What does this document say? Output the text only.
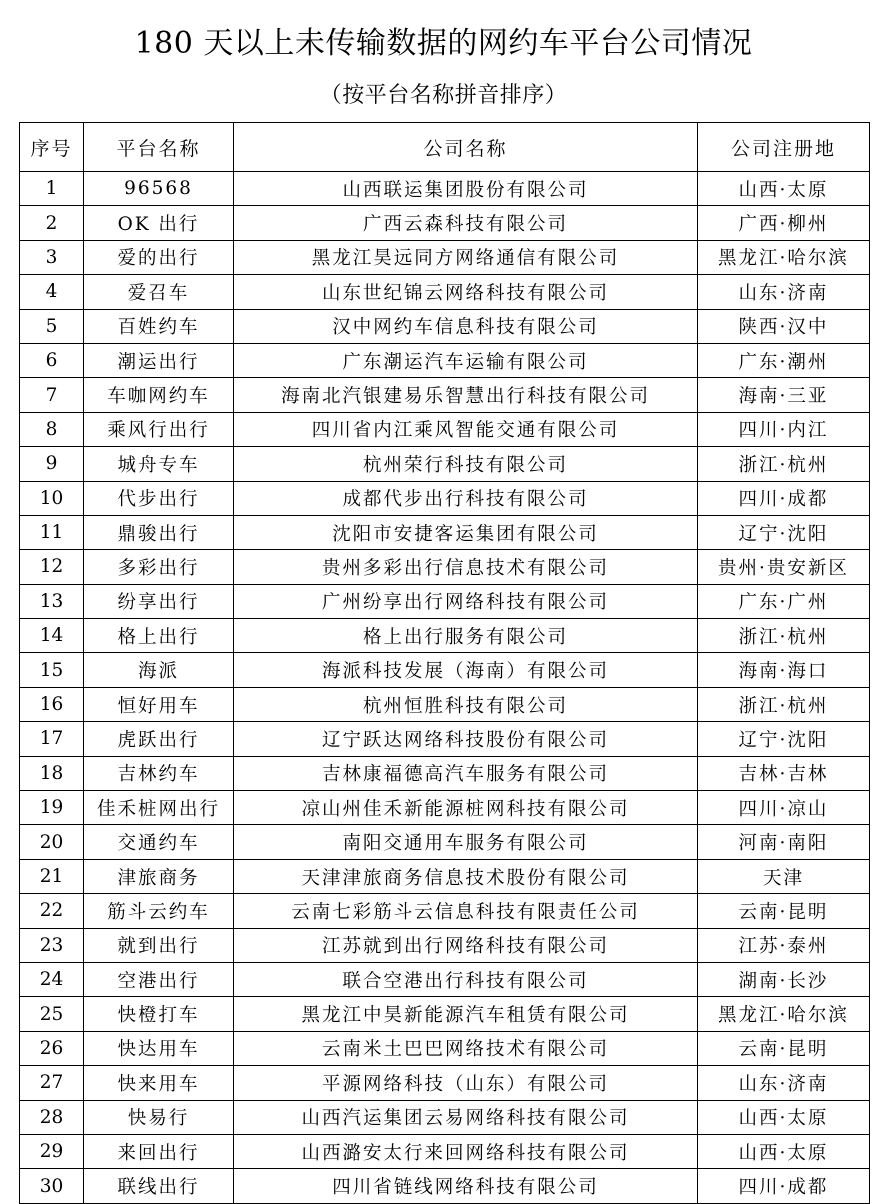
180 天以上未传输数据的网约车平台公司情况
（按平台名称拼音排序）
序号	平台名称	公司名称	公司注册地
1	96568	山西联运集团股份有限公司	山西·太原
2	OK 出行	广西云森科技有限公司	广西·柳州
3	爱的出行	黑龙江昊远同方网络通信有限公司	黑龙江·哈尔滨
4	爱召车	山东世纪锦云网络科技有限公司	山东·济南
5	百姓约车	汉中网约车信息科技有限公司	陕西·汉中
6	潮运出行	广东潮运汽车运输有限公司	广东·潮州
7	车咖网约车	海南北汽银建易乐智慧出行科技有限公司	海南·三亚
8	乘风行出行	四川省内江乘风智能交通有限公司	四川·内江
9	城舟专车	杭州荣行科技有限公司	浙江·杭州
10	代步出行	成都代步出行科技有限公司	四川·成都
11	鼎骏出行	沈阳市安捷客运集团有限公司	辽宁·沈阳
12	多彩出行	贵州多彩出行信息技术有限公司	贵州·贵安新区
13	纷享出行	广州纷享出行网络科技有限公司	广东·广州
14	格上出行	格上出行服务有限公司	浙江·杭州
15	海派	海派科技发展（海南）有限公司	海南·海口
16	恒好用车	杭州恒胜科技有限公司	浙江·杭州
17	虎跃出行	辽宁跃达网络科技股份有限公司	辽宁·沈阳
18	吉林约车	吉林康福德高汽车服务有限公司	吉林·吉林
19	佳禾桩网出行	凉山州佳禾新能源桩网科技有限公司	四川·凉山
20	交通约车	南阳交通用车服务有限公司	河南·南阳
21	津旅商务	天津津旅商务信息技术股份有限公司	天津
22	筋斗云约车	云南七彩筋斗云信息科技有限责任公司	云南·昆明
23	就到出行	江苏就到出行网络科技有限公司	江苏·泰州
24	空港出行	联合空港出行科技有限公司	湖南·长沙
25	快橙打车	黑龙江中昊新能源汽车租赁有限公司	黑龙江·哈尔滨
26	快达用车	云南米土巴巴网络技术有限公司	云南·昆明
27	快来用车	平源网络科技（山东）有限公司	山东·济南
28	快易行	山西汽运集团云易网络科技有限公司	山西·太原
29	来回出行	山西潞安太行来回网络科技有限公司	山西·太原
30	联线出行	四川省链线网络科技有限公司	四川·成都
